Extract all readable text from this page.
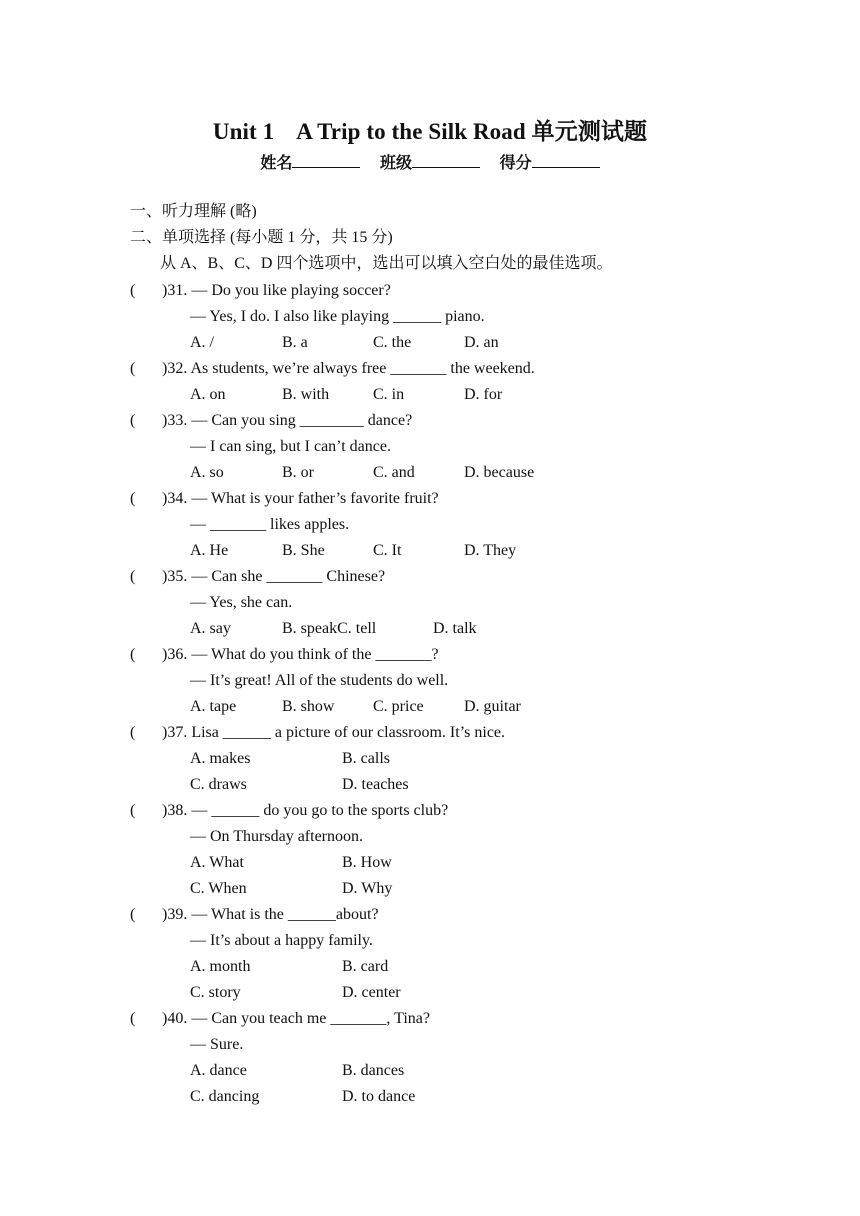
Unit 1 A Trip to the Silk Road 单元测试题
姓名	班级	得分
一、听力理解 (略)
二、单项选择 (每小题 1 分，共 15 分)
从 A、B、C、D 四个选项中，选出可以填入空白处的最佳选项。
( )31. — Do you like playing soccer?
— Yes, I do. I also like playing ______ piano.
A. /	B. a	C. the	D. an
( )32. As students, we’re always free _______ the weekend.
A. on	B. with	C. in	D. for
( )33. — Can you sing ________ dance?
— I can sing, but I can’t dance.
A. so	B. or	C. and	D. because
( )34. — What is your father’s favorite fruit?
— _______ likes apples.
A. He	B. She	C. It	D. They
( )35. — Can she _______ Chinese?
— Yes, she can.
A. say	B. speakC. tell	D. talk
( )36. — What do you think of the _______?
— It’s great! All of the students do well.
A. tape	B. show C. price	D. guitar
( )37. Lisa ______ a picture of our classroom. It’s nice.
A. makes	B. calls
C. draws	D. teaches
( )38. — ______ do you go to the sports club?
— On Thursday afternoon.
A. What	B. How
C. When	D. Why
( )39. — What is the ______about?
— It’s about a happy family.
A. month	B. card
C. story	D. center
( )40. — Can you teach me _______, Tina?
— Sure.
A. dance	B. dances
C. dancing	D. to dance
